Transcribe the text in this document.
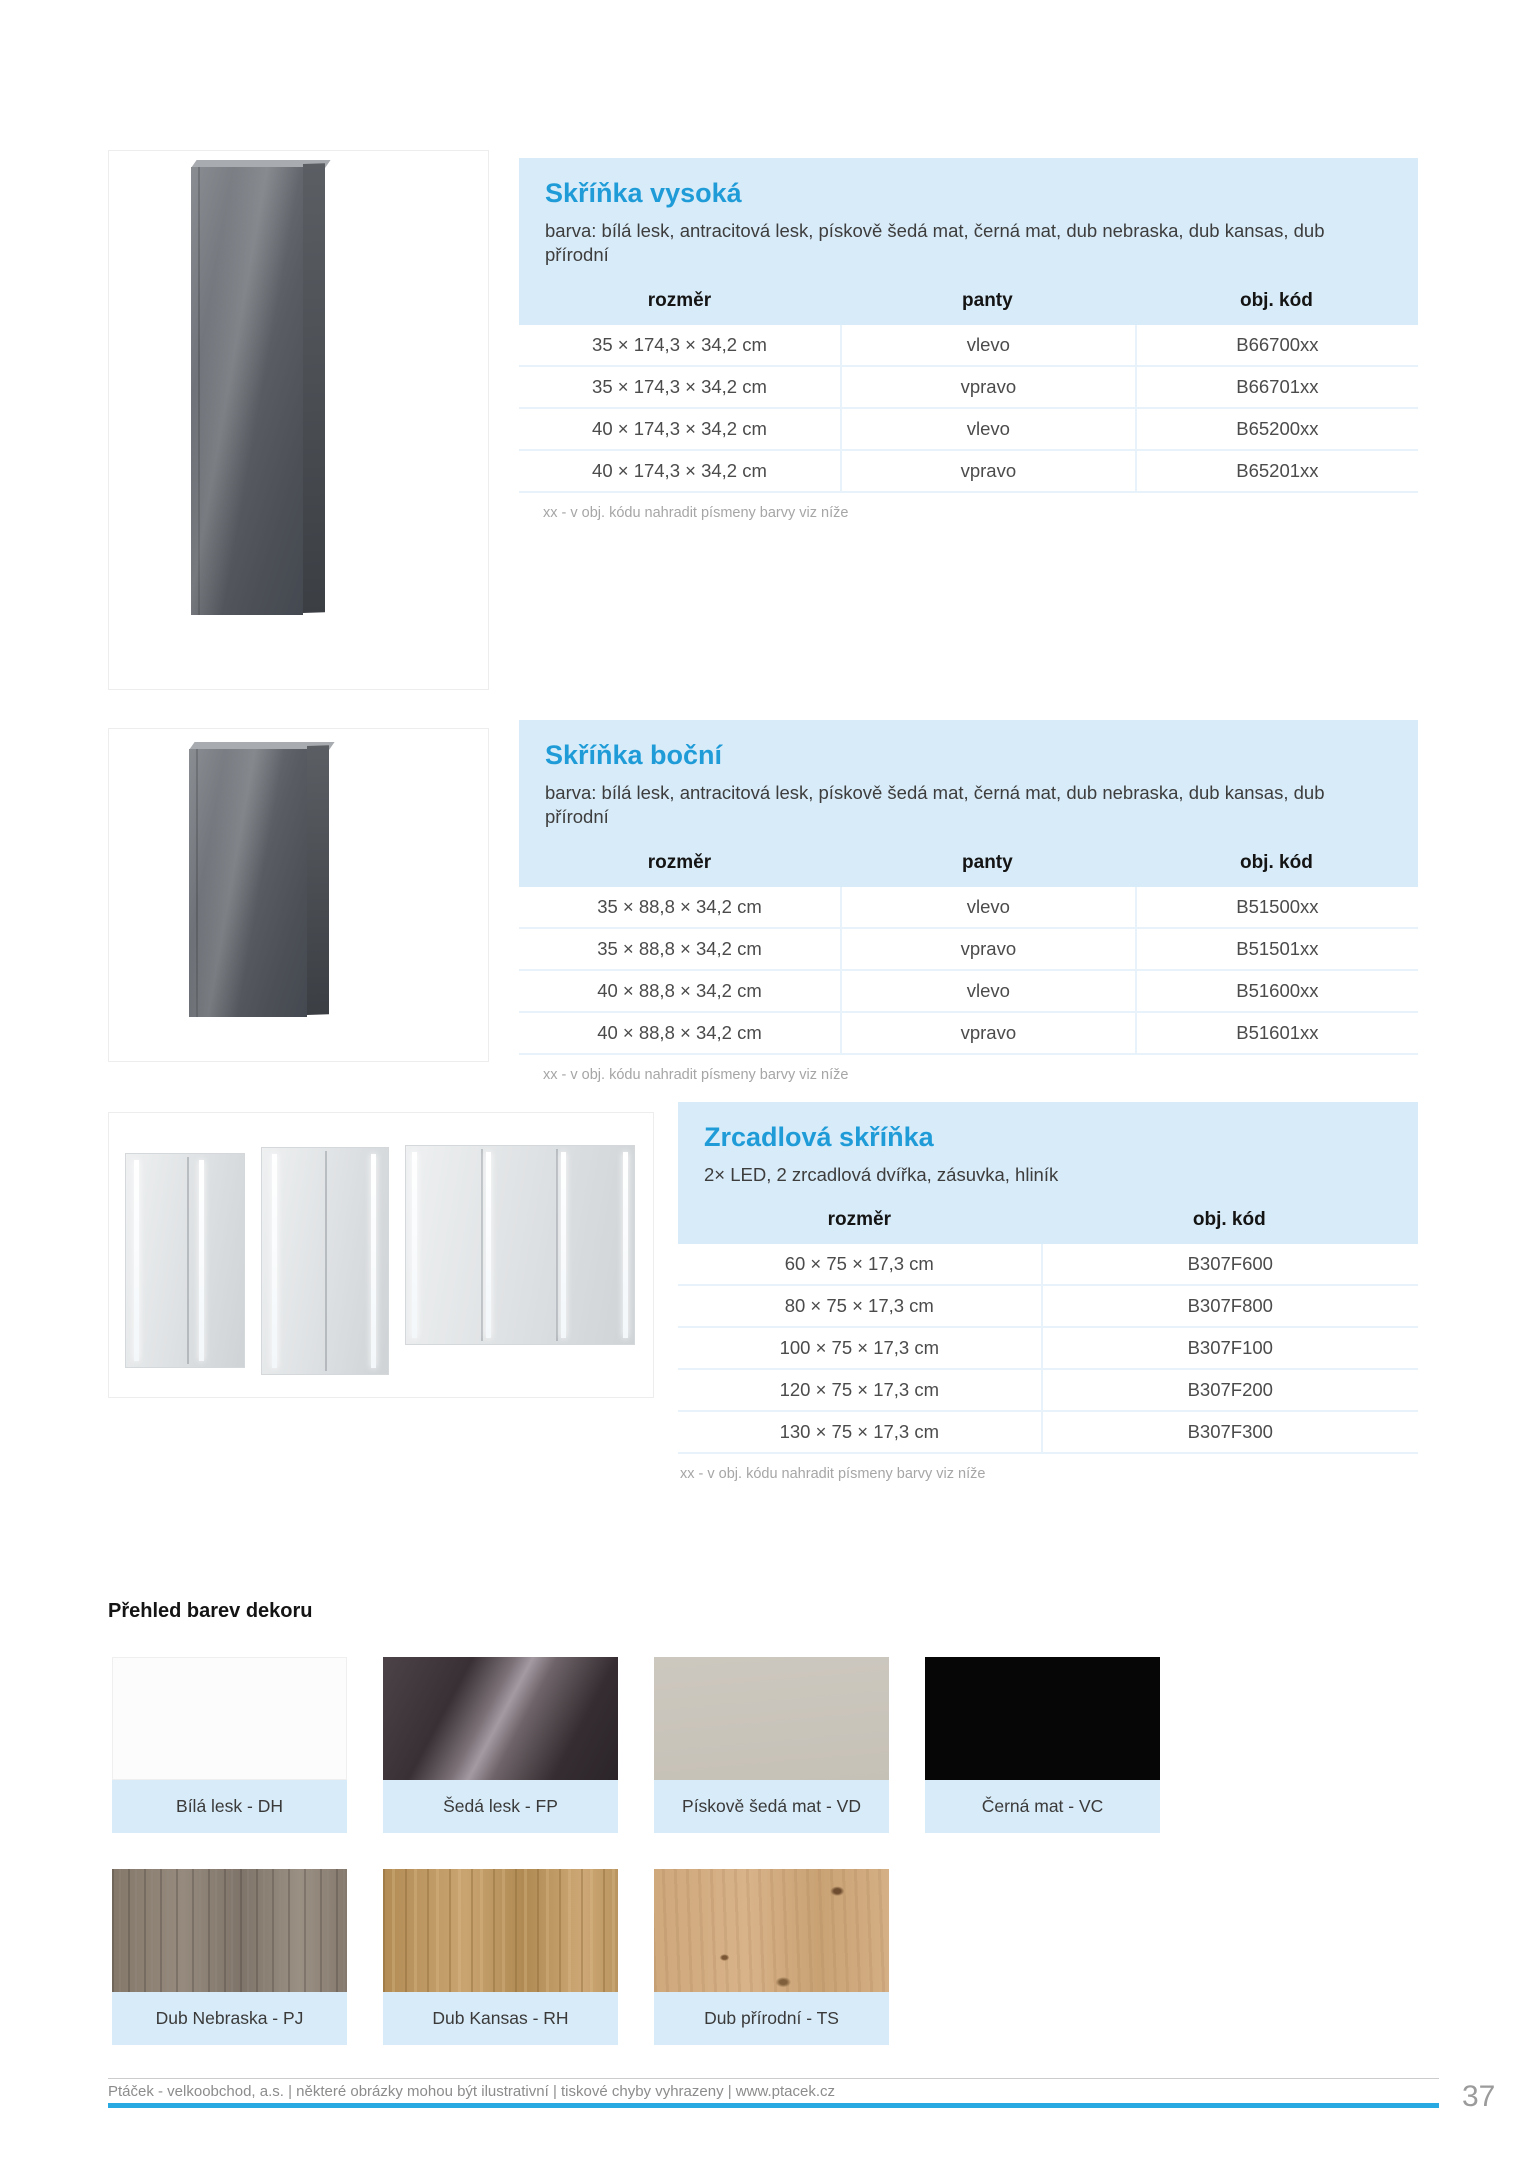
Skříňka vysoká
barva: bílá lesk, antracitová lesk, pískově šedá mat, černá mat, dub nebraska, dub kansas, dub přírodní
rozměr	panty	obj. kód
35 × 174,3 × 34,2 cm	vlevo	B66700xx
35 × 174,3 × 34,2 cm	vpravo	B66701xx
40 × 174,3 × 34,2 cm	vlevo	B65200xx
40 × 174,3 × 34,2 cm	vpravo	B65201xx
xx - v obj. kódu nahradit písmeny barvy viz níže
Skříňka boční
barva: bílá lesk, antracitová lesk, pískově šedá mat, černá mat, dub nebraska, dub kansas, dub přírodní
rozměr	panty	obj. kód
35 × 88,8 × 34,2 cm	vlevo	B51500xx
35 × 88,8 × 34,2 cm	vpravo	B51501xx
40 × 88,8 × 34,2 cm	vlevo	B51600xx
40 × 88,8 × 34,2 cm	vpravo	B51601xx
xx - v obj. kódu nahradit písmeny barvy viz níže
Zrcadlová skříňka
2× LED, 2 zrcadlová dvířka, zásuvka, hliník
rozměr	obj. kód
60 × 75 × 17,3 cm	B307F600
80 × 75 × 17,3 cm	B307F800
100 × 75 × 17,3 cm	B307F100
120 × 75 × 17,3 cm	B307F200
130 × 75 × 17,3 cm	B307F300
xx - v obj. kódu nahradit písmeny barvy viz níže
Přehled barev dekoru
Bílá lesk - DH	Šedá lesk - FP	Pískově šedá mat - VD	Černá mat - VC
Dub Nebraska - PJ	Dub Kansas - RH	Dub přírodní - TS
Ptáček - velkoobchod, a.s. | některé obrázky mohou být ilustrativní | tiskové chyby vyhrazeny | www.ptacek.cz	37
